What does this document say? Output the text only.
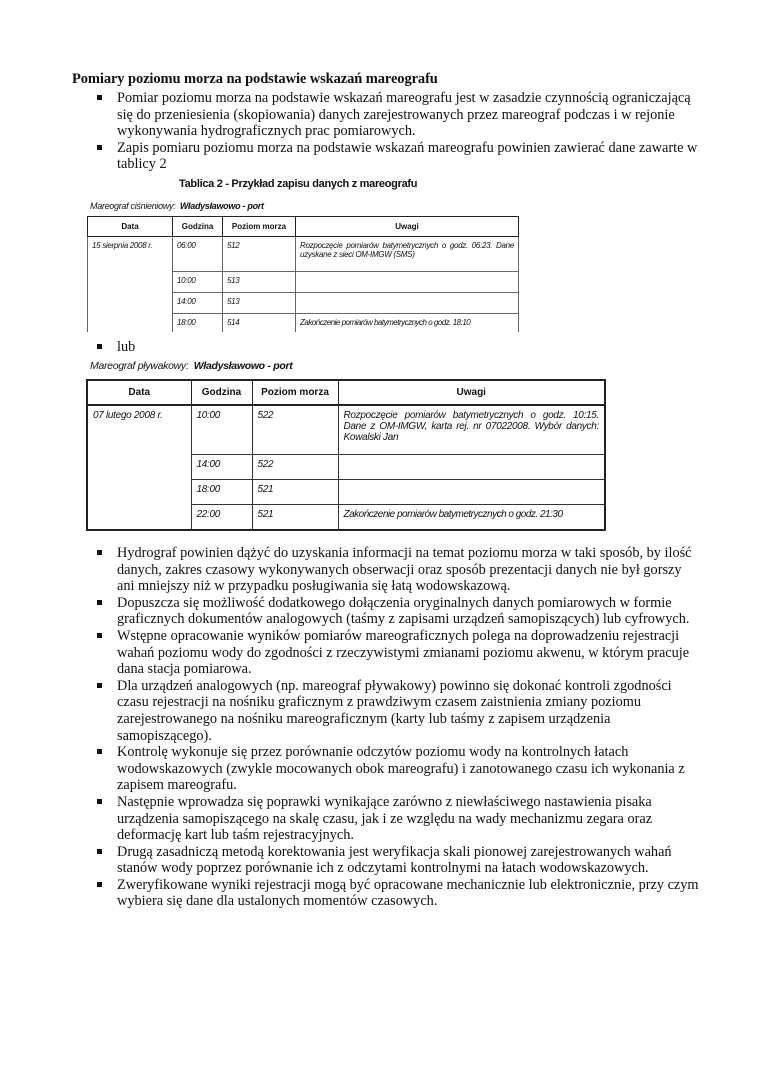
Pomiary poziomu morza na podstawie wskazań mareografu
Pomiar poziomu morza na podstawie wskazań mareografu jest w zasadzie czynnością ograniczającą się do przeniesienia (skopiowania) danych zarejestrowanych przez mareograf podczas i w rejonie wykonywania hydrograficznych prac pomiarowych.
Zapis pomiaru poziomu morza na podstawie wskazań mareografu powinien zawierać dane zawarte w tablicy 2
Tablica 2 - Przykład zapisu danych z mareografu
Mareograf ciśnieniowy: Władysławowo - port
Data	Godzina	Poziom morza	Uwagi
15 sierpnia 2008 r.	06:00	512	Rozpoczęcie pomiarów batymetrycznych o godz. 06:23. Dane uzyskane z sieci OM-IMGW (SMS)
	10:00	513	
	14:00	513	
	18:00	514	Zakończenie pomiarów batymetrycznych o godz. 18:10
lub
Mareograf pływakowy: Władysławowo - port
Data	Godzina	Poziom morza	Uwagi
07 lutego 2008 r.	10:00	522	Rozpoczęcie pomiarów batymetrycznych o godz. 10:15. Dane z OM-IMGW, karta rej. nr 07022008. Wybór danych: Kowalski Jan
	14:00	522	
	18:00	521	
	22:00	521	Zakończenie pomiarów batymetrycznych o godz. 21:30
Hydrograf powinien dążyć do uzyskania informacji na temat poziomu morza w taki sposób, by ilość danych, zakres czasowy wykonywanych obserwacji oraz sposób prezentacji danych nie był gorszy ani mniejszy niż w przypadku posługiwania się łatą wodowskazową.
Dopuszcza się możliwość dodatkowego dołączenia oryginalnych danych pomiarowych w formie graficznych dokumentów analogowych (taśmy z zapisami urządzeń samopiszących) lub cyfrowych.
Wstępne opracowanie wyników pomiarów mareograficznych polega na doprowadzeniu rejestracji wahań poziomu wody do zgodności z rzeczywistymi zmianami poziomu akwenu, w którym pracuje dana stacja pomiarowa.
Dla urządzeń analogowych (np. mareograf pływakowy) powinno się dokonać kontroli zgodności czasu rejestracji na nośniku graficznym z prawdziwym czasem zaistnienia zmiany poziomu zarejestrowanego na nośniku mareograficznym (karty lub taśmy z zapisem urządzenia samopiszącego).
Kontrolę wykonuje się przez porównanie odczytów poziomu wody na kontrolnych łatach wodowskazowych (zwykle mocowanych obok mareografu) i zanotowanego czasu ich wykonania z zapisem mareografu.
Następnie wprowadza się poprawki wynikające zarówno z niewłaściwego nastawienia pisaka urządzenia samopiszącego na skalę czasu, jak i ze względu na wady mechanizmu zegara oraz deformację kart lub taśm rejestracyjnych.
Drugą zasadniczą metodą korektowania jest weryfikacja skali pionowej zarejestrowanych wahań stanów wody poprzez porównanie ich z odczytami kontrolnymi na łatach wodowskazowych.
Zweryfikowane wyniki rejestracji mogą być opracowane mechanicznie lub elektronicznie, przy czym wybiera się dane dla ustalonych momentów czasowych.
